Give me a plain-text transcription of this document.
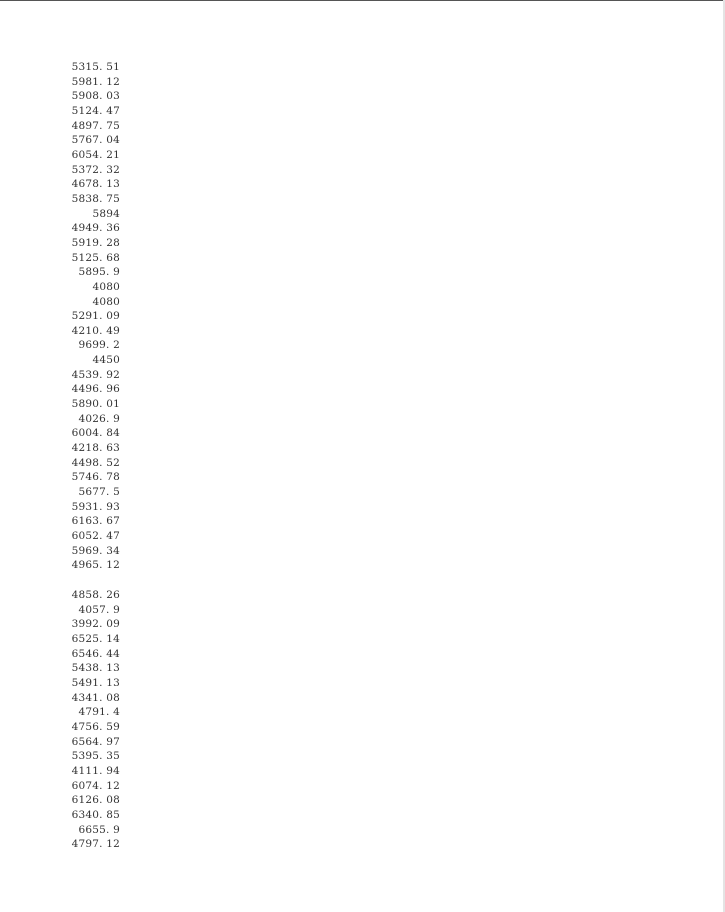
5315. 51
5981. 12
5908. 03
5124. 47
4897. 75
5767. 04
6054. 21
5372. 32
4678. 13
5838. 75
5894
4949. 36
5919. 28
5125. 68
5895. 9
4080
4080
5291. 09
4210. 49
9699. 2
4450
4539. 92
4496. 96
5890. 01
4026. 9
6004. 84
4218. 63
4498. 52
5746. 78
5677. 5
5931. 93
6163. 67
6052. 47
5969. 34
4965. 12
4858. 26
4057. 9
3992. 09
6525. 14
6546. 44
5438. 13
5491. 13
4341. 08
4791. 4
4756. 59
6564. 97
5395. 35
4111. 94
6074. 12
6126. 08
6340. 85
6655. 9
4797. 12
